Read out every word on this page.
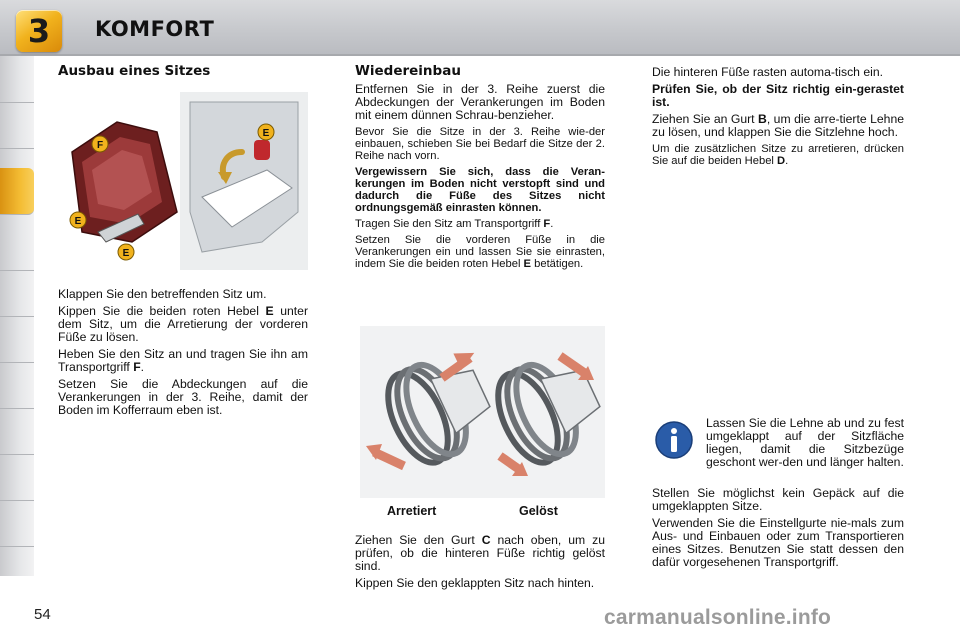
3	KOMFORT
Ausbau eines Sitzes
F
E
E
E

Klappen Sie den betreffenden Sitz um.

Kippen Sie die beiden roten Hebel E unter dem Sitz, um die Arretierung der vorderen Füße zu lösen.

Heben Sie den Sitz an und tragen Sie ihn am Transportgriff F.

Setzen Sie die Abdeckungen auf die Verankerungen in der 3. Reihe, damit der Boden im Kofferraum eben ist.

Wiedereinbau

Entfernen Sie in der 3. Reihe zuerst die Abdeckungen der Verankerungen im Boden mit einem dünnen Schrau-benzieher.

Bevor Sie die Sitze in der 3. Reihe wie-der einbauen, schieben Sie bei Bedarf die Sitze der 2. Reihe nach vorn.

Vergewissern Sie sich, dass die Veran-kerungen im Boden nicht verstopft sind und dadurch die Füße des Sitzes nicht ordnungsgemäß einrasten können.

Tragen Sie den Sitz am Transportgriff F.

Setzen Sie die vorderen Füße in die Verankerungen ein und lassen Sie sie einrasten, indem Sie die beiden roten Hebel E betätigen.

Arretiert	Gelöst

Ziehen Sie den Gurt C nach oben, um zu prüfen, ob die hinteren Füße richtig gelöst sind.

Kippen Sie den geklappten Sitz nach hinten.

Die hinteren Füße rasten automa-tisch ein.

Prüfen Sie, ob der Sitz richtig ein-gerastet ist.

Ziehen Sie an Gurt B, um die arre-tierte Lehne zu lösen, und klappen Sie die Sitzlehne hoch.

Um die zusätzlichen Sitze zu arretieren, drücken Sie auf die beiden Hebel D.

Lassen Sie die Lehne ab und zu fest umgeklappt auf der Sitzfläche liegen, damit die Sitzbezüge geschont wer-den und länger halten.

Stellen Sie möglichst kein Gepäck auf die umgeklappten Sitze.

Verwenden Sie die Einstellgurte nie-mals zum Aus- und Einbauen oder zum Transportieren eines Sitzes. Benutzen Sie statt dessen den dafür vorgesehenen Transportgriff.

54	carmanualsonline.info
